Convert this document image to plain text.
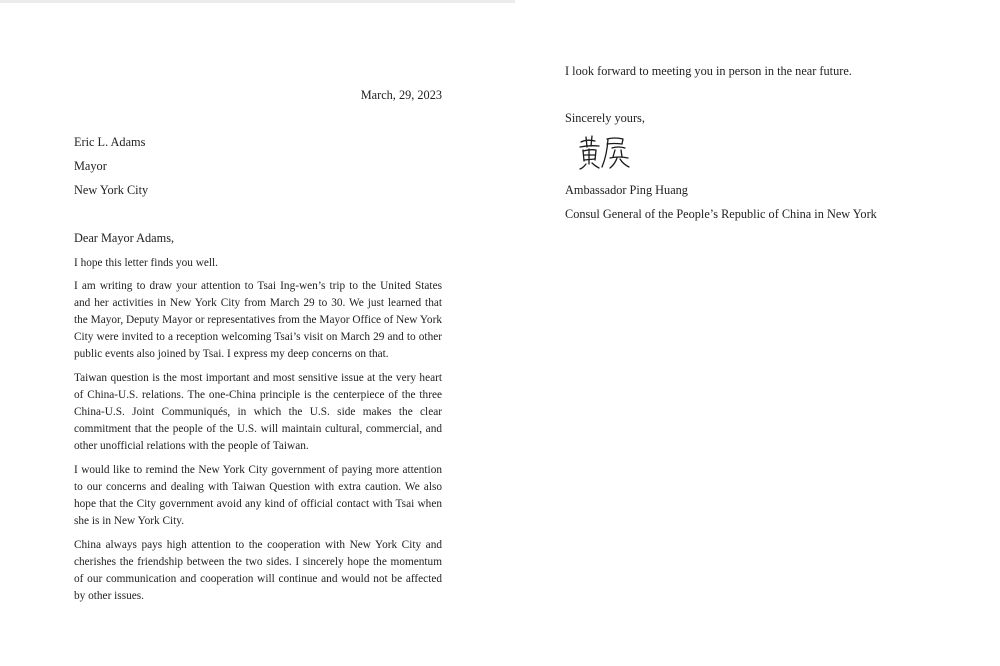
March, 29, 2023
Eric L. Adams
Mayor
New York City
Dear Mayor Adams,

I hope this letter finds you well.

I am writing to draw your attention to Tsai Ing-wen’s trip to the United States and her activities in New York City from March 29 to 30. We just learned that the Mayor, Deputy Mayor or representatives from the Mayor Office of New York City were invited to a reception welcoming Tsai’s visit on March 29 and to other public events also joined by Tsai. I express my deep concerns on that.

Taiwan question is the most important and most sensitive issue at the very heart of China-U.S. relations. The one-China principle is the centerpiece of the three China-U.S. Joint Communiqués, in which the U.S. side makes the clear commitment that the people of the U.S. will maintain cultural, commercial, and other unofficial relations with the people of Taiwan.

I would like to remind the New York City government of paying more attention to our concerns and dealing with Taiwan Question with extra caution. We also hope that the City government avoid any kind of official contact with Tsai when she is in New York City.

China always pays high attention to the cooperation with New York City and cherishes the friendship between the two sides. I sincerely hope the momentum of our communication and cooperation will continue and would not be affected by other issues.

I look forward to meeting you in person in the near future.
Sincerely yours,
Ambassador Ping Huang
Consul General of the People’s Republic of China in New York
